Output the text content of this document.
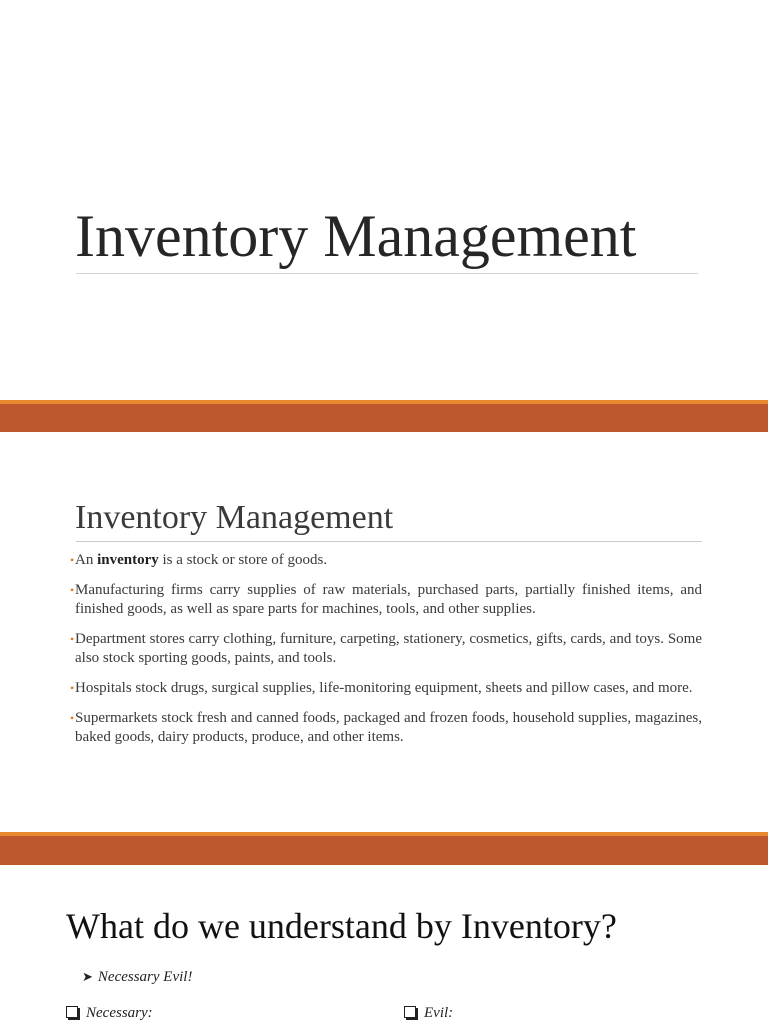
Inventory Management
Inventory Management
• An inventory is a stock or store of goods.
• Manufacturing firms carry supplies of raw materials, purchased parts, partially finished items, and finished goods, as well as spare parts for machines, tools, and other supplies.
• Department stores carry clothing, furniture, carpeting, stationery, cosmetics, gifts, cards, and toys. Some also stock sporting goods, paints, and tools.
• Hospitals stock drugs, surgical supplies, life-monitoring equipment, sheets and pillow cases, and more.
• Supermarkets stock fresh and canned foods, packaged and frozen foods, household supplies, magazines, baked goods, dairy products, produce, and other items.
What do we understand by Inventory?
➤ Necessary Evil!
Necessary:	Evil:
